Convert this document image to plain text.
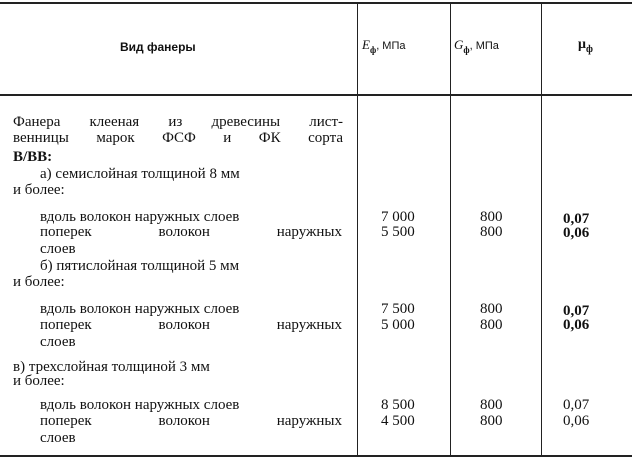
Вид фанеры	$E_ф$, МПа	$G_ф$, МПа	$\mu_ф$
Фанера клееная из древесины лист-
венницы марок ФСФ и ФК сорта
В/ВВ:
а) семислойная толщиной 8 мм
и более:
вдоль волокон наружных слоев	7 000	800	0,07
поперек волокон наружных	5 500	800	0,06
слоев
б) пятислойная толщиной 5 мм
и более:
вдоль волокон наружных слоев	7 500	800	0,07
поперек волокон наружных	5 000	800	0,06
слоев
в) трехслойная толщиной 3 мм
и более:
вдоль волокон наружных слоев	8 500	800	0,07
поперек волокон наружных	4 500	800	0,06
слоев
